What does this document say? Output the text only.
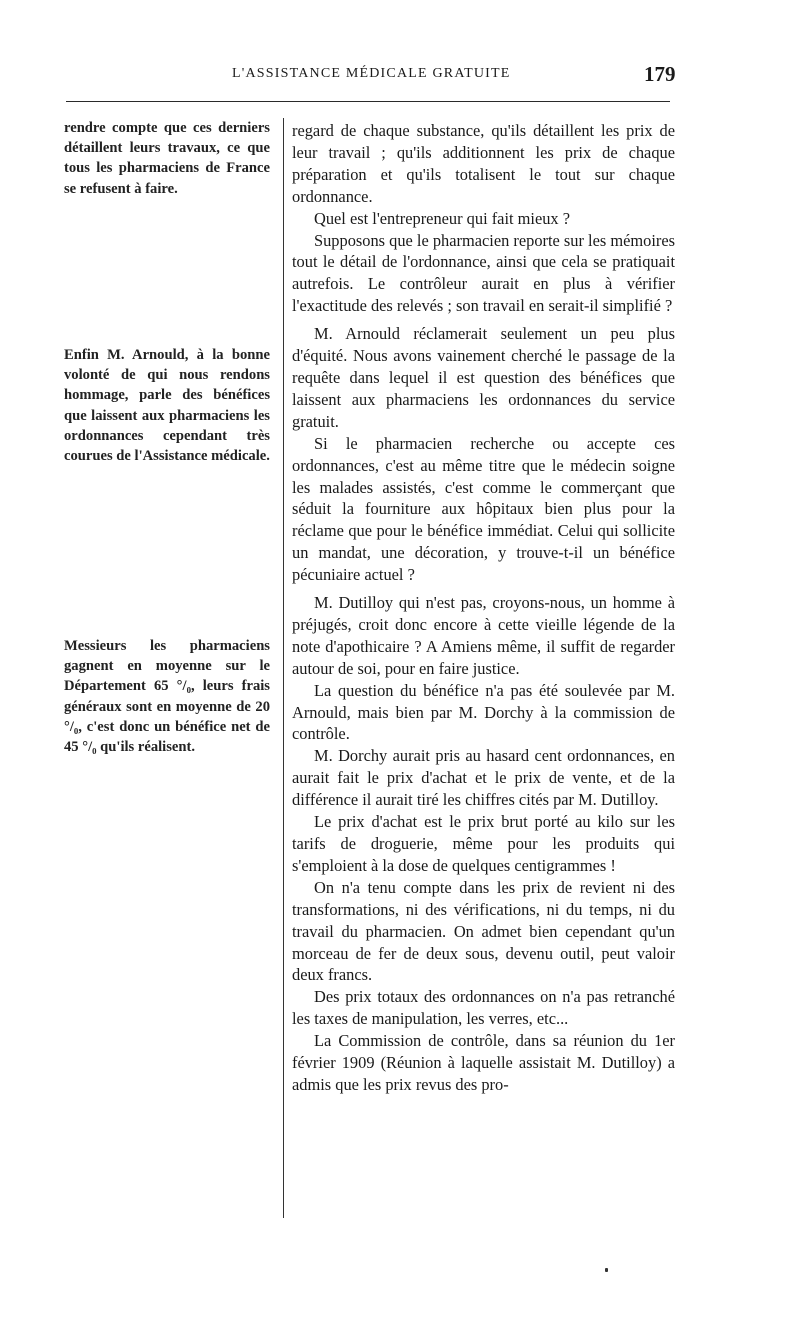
L'ASSISTANCE MÉDICALE GRATUITE	179
rendre compte que ces derniers détaillent leurs travaux, ce que tous les pharmaciens de France se refusent à faire.
Enfin M. Arnould, à la bonne volonté de qui nous rendons hommage, parle des bénéfices que laissent aux pharmaciens les ordonnances cependant très courues de l'Assistance médicale.
Messieurs les pharmaciens gagnent en moyenne sur le Département 65 °/₀, leurs frais généraux sont en moyenne de 20 °/₀, c'est donc un bénéfice net de 45 °/₀ qu'ils réalisent.

regard de chaque substance, qu'ils détaillent les prix de leur travail ; qu'ils additionnent les prix de chaque préparation et qu'ils totalisent le tout sur chaque ordonnance.

Quel est l'entrepreneur qui fait mieux ?

Supposons que le pharmacien reporte sur les mémoires tout le détail de l'ordonnance, ainsi que cela se pratiquait autrefois. Le contrôleur aurait en plus à vérifier l'exactitude des relevés ; son travail en serait-il simplifié ?

M. Arnould réclamerait seulement un peu plus d'équité. Nous avons vainement cherché le passage de la requête dans lequel il est question des bénéfices que laissent aux pharmaciens les ordonnances du service gratuit.

Si le pharmacien recherche ou accepte ces ordonnances, c'est au même titre que le médecin soigne les malades assistés, c'est comme le commerçant que séduit la fourniture aux hôpitaux bien plus pour la réclame que pour le bénéfice immédiat. Celui qui sollicite un mandat, une décoration, y trouve-t-il un bénéfice pécuniaire actuel ?

M. Dutilloy qui n'est pas, croyons-nous, un homme à préjugés, croit donc encore à cette vieille légende de la note d'apothicaire ? A Amiens même, il suffit de regarder autour de soi, pour en faire justice.

La question du bénéfice n'a pas été soulevée par M. Arnould, mais bien par M. Dorchy à la commission de contrôle.

M. Dorchy aurait pris au hasard cent ordonnances, en aurait fait le prix d'achat et le prix de vente, et de la différence il aurait tiré les chiffres cités par M. Dutilloy.

Le prix d'achat est le prix brut porté au kilo sur les tarifs de droguerie, même pour les produits qui s'emploient à la dose de quelques centigrammes !

On n'a tenu compte dans les prix de revient ni des transformations, ni des vérifications, ni du temps, ni du travail du pharmacien. On admet bien cependant qu'un morceau de fer de deux sous, devenu outil, peut valoir deux francs.

Des prix totaux des ordonnances on n'a pas retranché les taxes de manipulation, les verres, etc...

La Commission de contrôle, dans sa réunion du 1er février 1909 (Réunion à laquelle assistait M. Dutilloy) a admis que les prix revus des pro-
